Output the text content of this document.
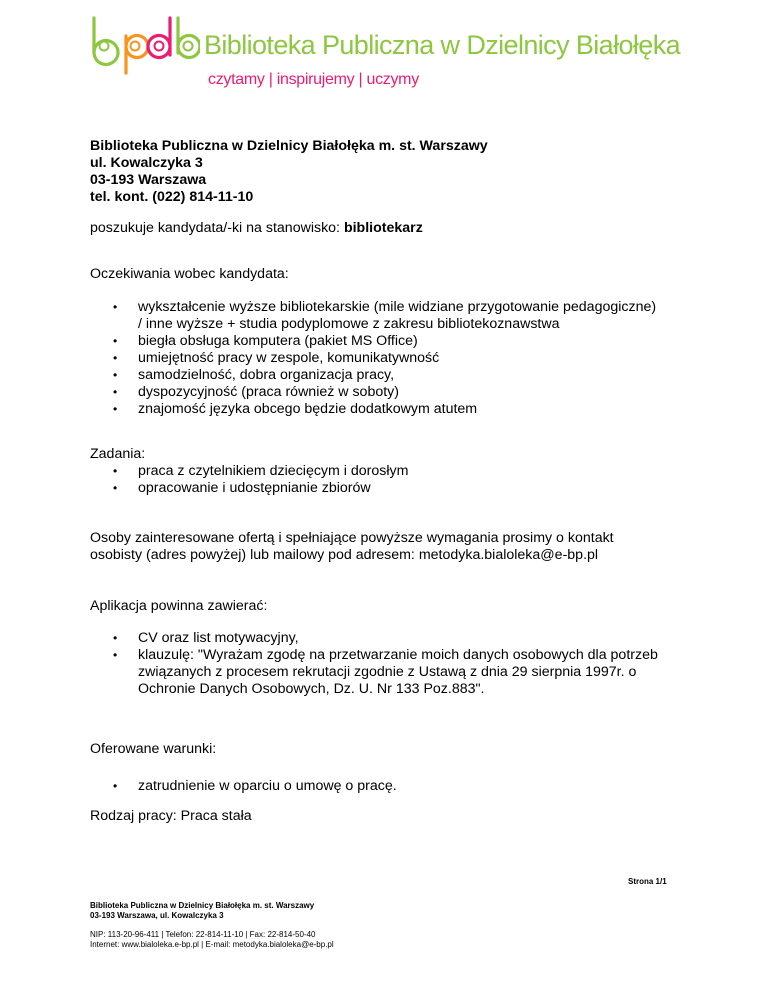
Biblioteka Publiczna w Dzielnicy Białołęka
czytamy | inspirujemy | uczymy
Biblioteka Publiczna w Dzielnicy Białołęka m. st. Warszawy
ul. Kowalczyka 3
03-193 Warszawa
tel. kont. (022) 814-11-10
poszukuje kandydata/-ki na stanowisko: bibliotekarz
Oczekiwania wobec kandydata:
• wykształcenie wyższe bibliotekarskie (mile widziane przygotowanie pedagogiczne) / inne wyższe + studia podyplomowe z zakresu bibliotekoznawstwa
• biegła obsługa komputera (pakiet MS Office)
• umiejętność pracy w zespole, komunikatywność
• samodzielność, dobra organizacja pracy,
• dyspozycyjność (praca również w soboty)
• znajomość języka obcego będzie dodatkowym atutem
Zadania:
• praca z czytelnikiem dziecięcym i dorosłym
• opracowanie i udostępnianie zbiorów
Osoby zainteresowane ofertą i spełniające powyższe wymagania prosimy o kontakt
osobisty (adres powyżej) lub mailowy pod adresem: metodyka.bialoleka@e-bp.pl
Aplikacja powinna zawierać:
• CV oraz list motywacyjny,
• klauzulę: "Wyrażam zgodę na przetwarzanie moich danych osobowych dla potrzeb związanych z procesem rekrutacji zgodnie z Ustawą z dnia 29 sierpnia 1997r. o Ochronie Danych Osobowych, Dz. U. Nr 133 Poz.883".
Oferowane warunki:
• zatrudnienie w oparciu o umowę o pracę.
Rodzaj pracy: Praca stała
Strona 1/1
Biblioteka Publiczna w Dzielnicy Białołęka m. st. Warszawy
03-193 Warszawa, ul. Kowalczyka 3
NIP: 113-20-96-411 | Telefon: 22-814-11-10 | Fax: 22-814-50-40
Internet: www.bialoleka.e-bp.pl | E-mail: metodyka.bialoleka@e-bp.pl
